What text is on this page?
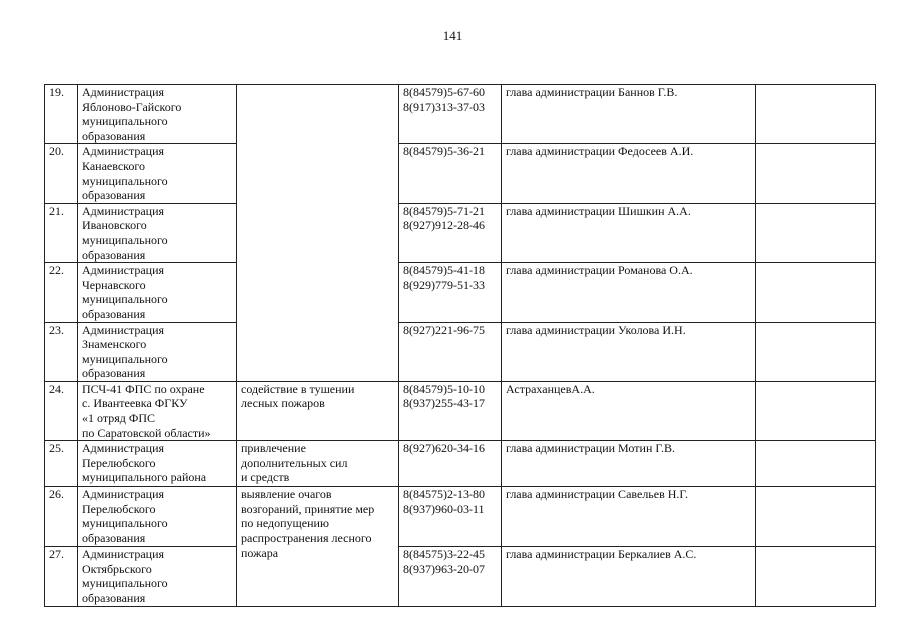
141
19.	Администрация
Яблоново-Гайского
муниципального
образования		8(84579)5-67-60
8(917)313-37-03	глава администрации Баннов Г.В.	
20.	Администрация
Канаевского
муниципального
образования		8(84579)5-36-21	глава администрации Федосеев А.И.	
21.	Администрация
Ивановского
муниципального
образования		8(84579)5-71-21
8(927)912-28-46	глава администрации Шишкин А.А.	
22.	Администрация
Чернавского
муниципального
образования		8(84579)5-41-18
8(929)779-51-33	глава администрации Романова О.А.	
23.	Администрация
Знаменского
муниципального
образования		8(927)221-96-75	глава администрации Уколова И.Н.	
24.	ПСЧ-41 ФПС по охране
с. Ивантеевка ФГКУ
«1 отряд ФПС
по Саратовской области»	содействие в тушении
лесных пожаров	8(84579)5-10-10
8(937)255-43-17	АстраханцевА.А.	
25.	Администрация
Перелюбского
муниципального района	привлечение
дополнительных сил
и средств	8(927)620-34-16	глава администрации Мотин Г.В.	
26.	Администрация
Перелюбского
муниципального
образования	выявление очагов
возгораний, принятие мер
по недопущению
распространения лесного
пожара	8(84575)2-13-80
8(937)960-03-11	глава администрации Савельев Н.Г.	
27.	Администрация
Октябрьского
муниципального
образования		8(84575)3-22-45
8(937)963-20-07	глава администрации Беркалиев А.С.	
